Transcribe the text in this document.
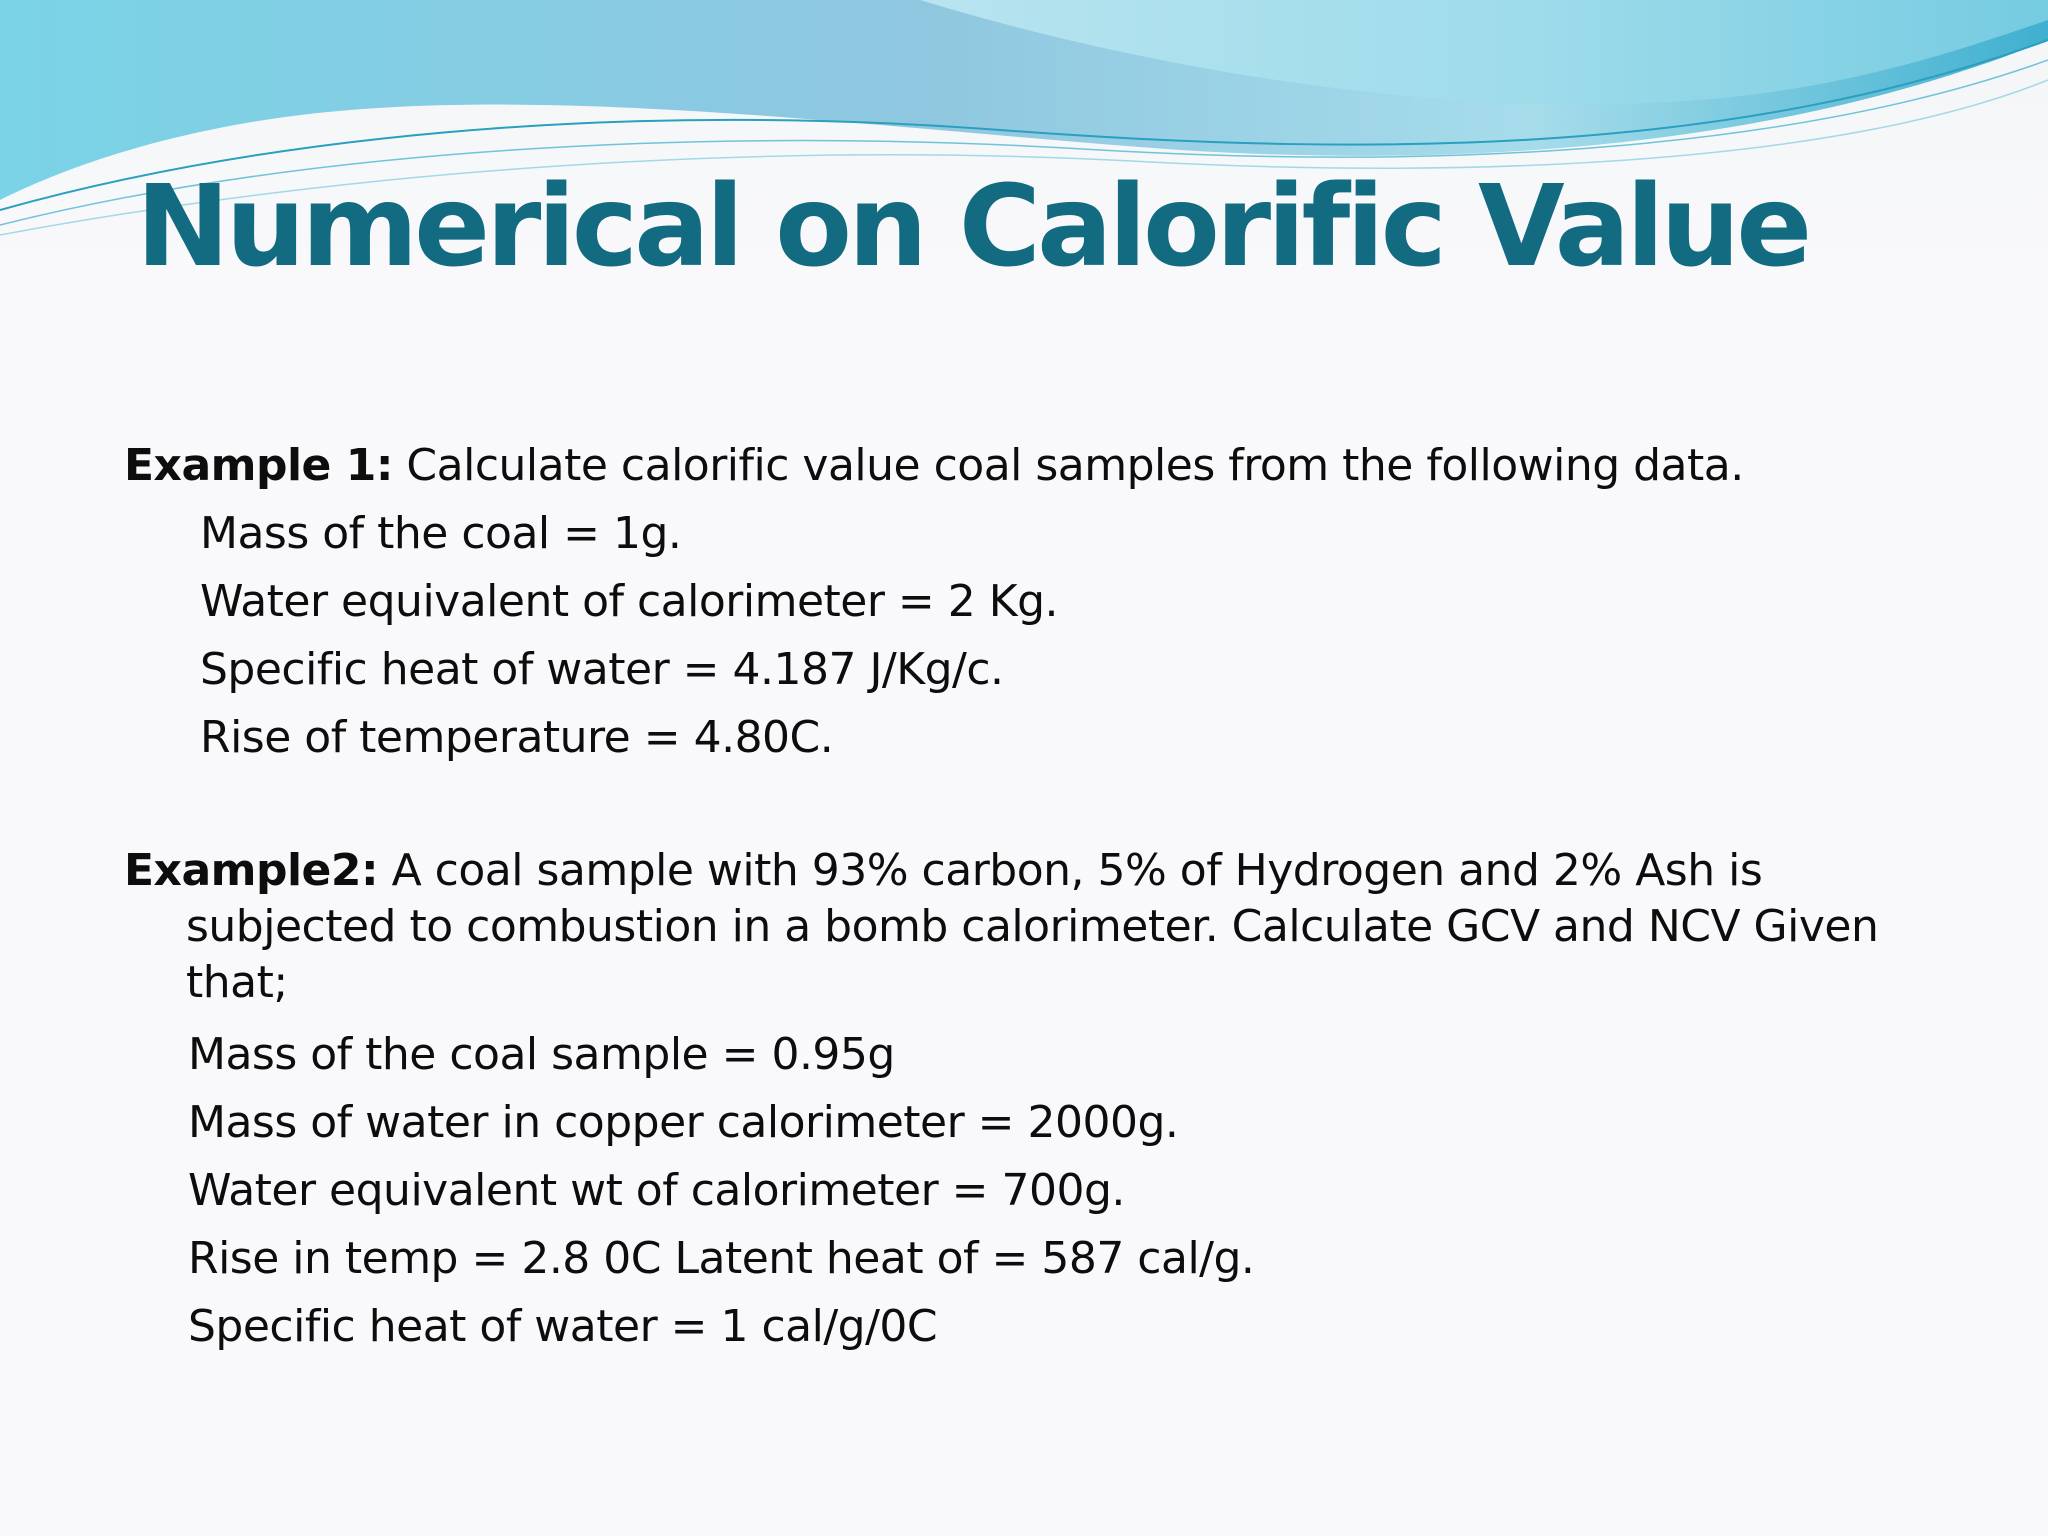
Numerical on Calorific Value
Example 1: Calculate calorific value coal samples from the following data.
Mass of the coal = 1g.
Water equivalent of calorimeter = 2 Kg.
Specific heat of water = 4.187 J/Kg/c.
Rise of temperature = 4.80C.
Example2: A coal sample with 93% carbon, 5% of Hydrogen and 2% Ash is subjected to combustion in a bomb calorimeter. Calculate GCV and NCV Given that;
Mass of the coal sample = 0.95g
Mass of water in copper calorimeter = 2000g.
Water equivalent wt of calorimeter = 700g.
Rise in temp = 2.8 0C Latent heat of = 587 cal/g.
Specific heat of water = 1 cal/g/0C
